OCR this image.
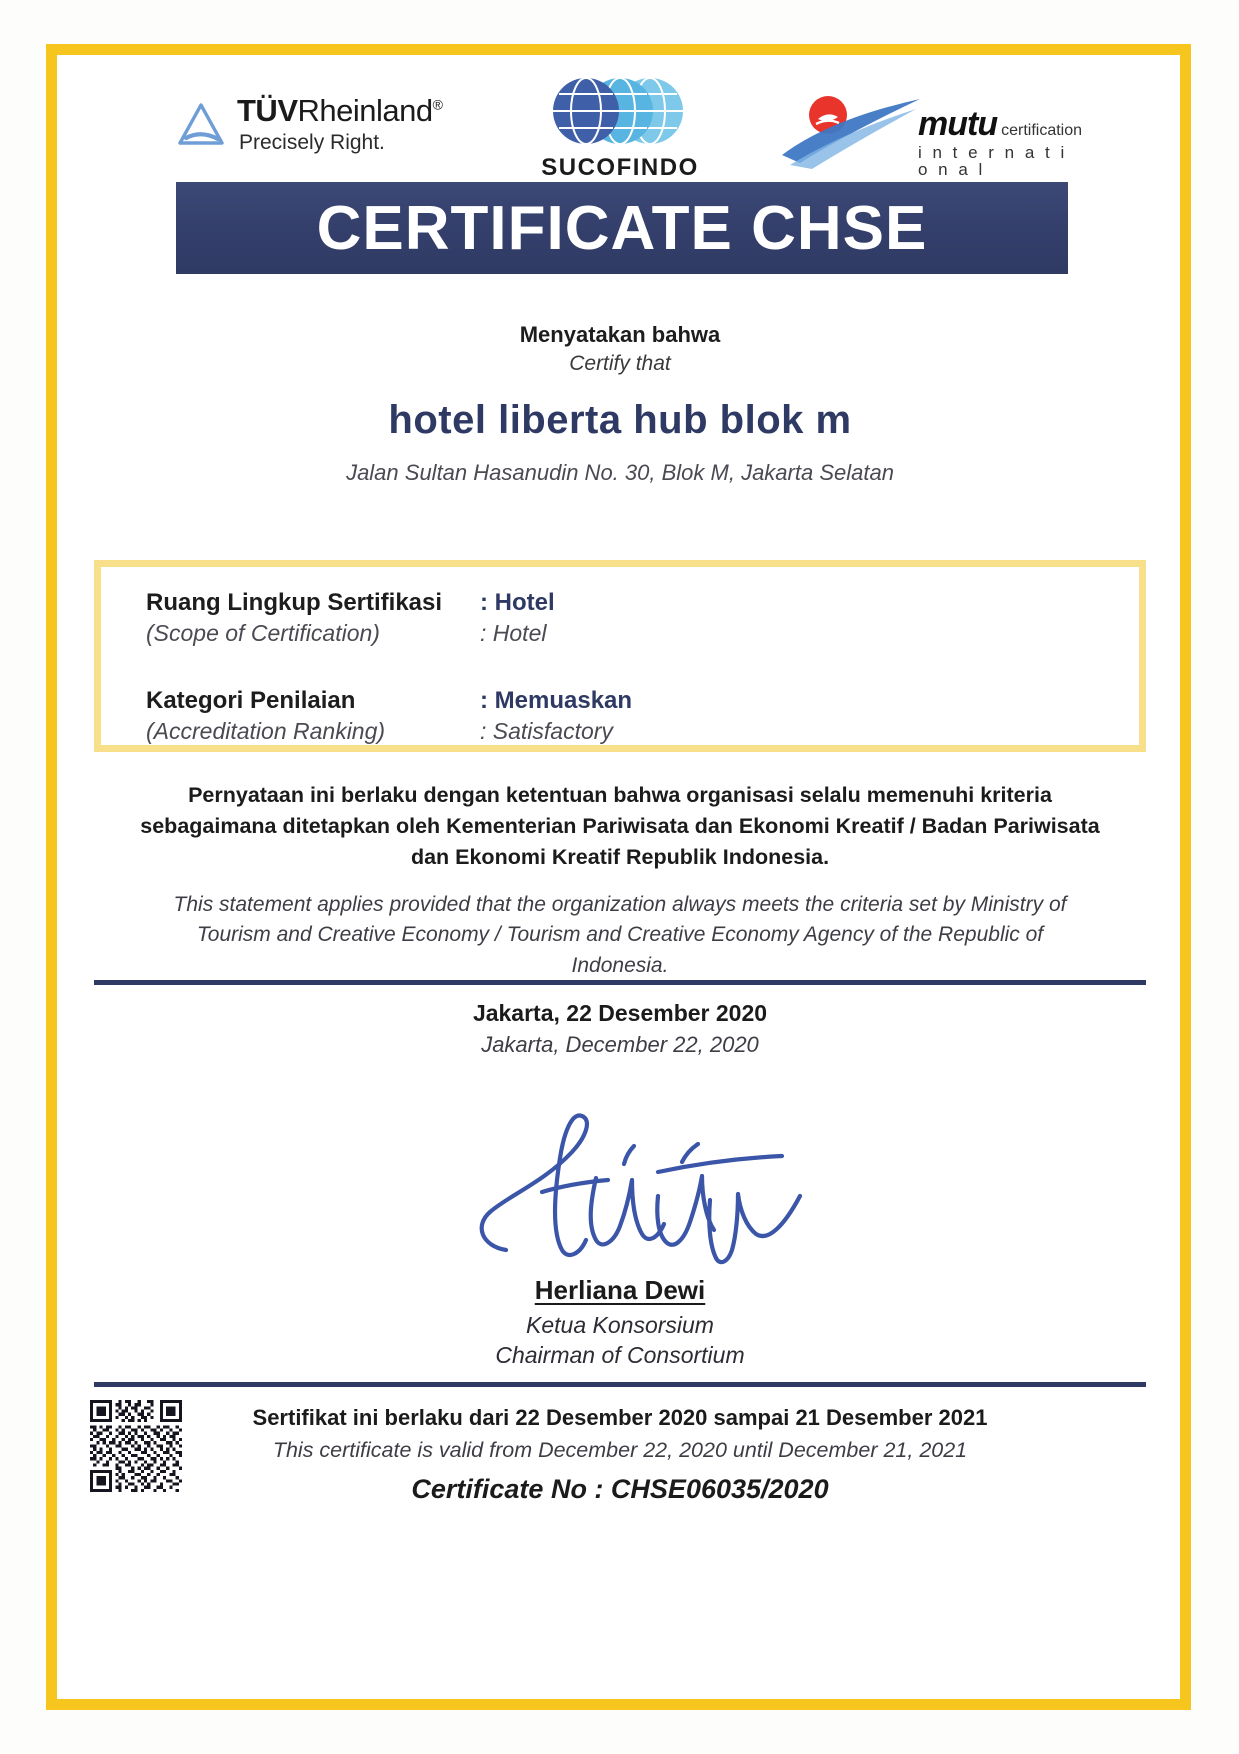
TÜVRheinland®
Precisely Right.
SUCOFINDO
mutu certification
i n t e r n a t i o n a l
CERTIFICATE CHSE
Menyatakan bahwa
Certify that
hotel liberta hub blok m
Jalan Sultan Hasanudin No. 30, Blok M, Jakarta Selatan
Ruang Lingkup Sertifikasi
(Scope of Certification)
: Hotel
: Hotel
Kategori Penilaian
(Accreditation Ranking)
: Memuaskan
: Satisfactory
Pernyataan ini berlaku dengan ketentuan bahwa organisasi selalu memenuhi kriteria sebagaimana ditetapkan oleh Kementerian Pariwisata dan Ekonomi Kreatif / Badan Pariwisata dan Ekonomi Kreatif Republik Indonesia.
This statement applies provided that the organization always meets the criteria set by Ministry of Tourism and Creative Economy / Tourism and Creative Economy Agency of the Republic of Indonesia.
Jakarta, 22 Desember 2020
Jakarta, December 22, 2020
Herliana Dewi
Ketua Konsorsium
Chairman of Consortium
Sertifikat ini berlaku dari 22 Desember 2020 sampai 21 Desember 2021
This certificate is valid from December 22, 2020 until December 21, 2021
Certificate No : CHSE06035/2020
